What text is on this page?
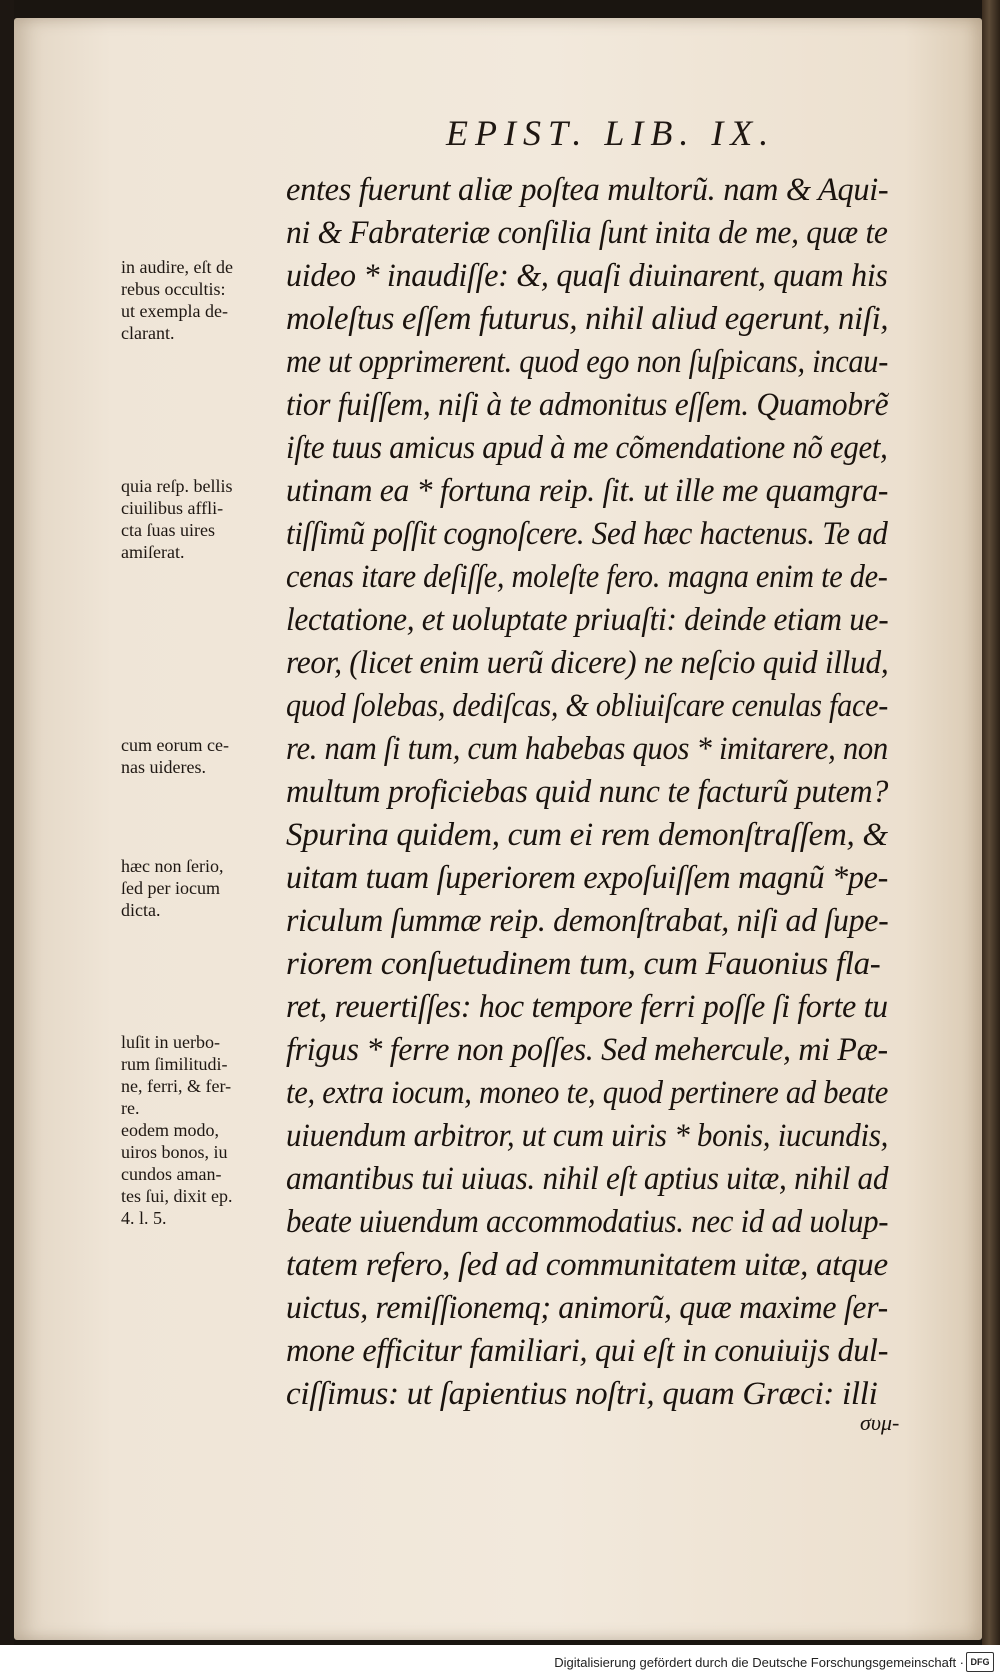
EPIST. LIB. IX.
entes fuerunt aliæ poſtea multorũ. nam & Aqui-
ni & Fabrateriæ conſilia ſunt inita de me, quæ te
uideo * inaudiſſe: &, quaſi diuinarent, quam his
moleſtus eſſem futurus, nihil aliud egerunt, niſi,
me ut opprimerent. quod ego non ſuſpicans, incau-
tior fuiſſem, niſi à te admonitus eſſem. Quamobrẽ
iſte tuus amicus apud à me cõmendatione nõ eget,
utinam ea * fortuna reip. ſit. ut ille me quamgra-
tiſſimũ poſſit cognoſcere. Sed hæc hactenus. Te ad
cenas itare deſiſſe, moleſte fero. magna enim te de-
lectatione, et uoluptate priuaſti: deinde etiam ue-
reor, (licet enim uerũ dicere) ne neſcio quid illud,
quod ſolebas, dediſcas, & obliuiſcare cenulas face-
re. nam ſi tum, cum habebas quos * imitarere, non
multum proficiebas quid nunc te facturũ putem?
Spurina quidem, cum ei rem demonſtraſſem, &
uitam tuam ſuperiorem expoſuiſſem magnũ *pe-
riculum ſummæ reip. demonſtrabat, niſi ad ſupe-
riorem conſuetudinem tum, cum Fauonius fla-
ret, reuertiſſes: hoc tempore ferri poſſe ſi forte tu
frigus * ferre non poſſes. Sed mehercule, mi Pæ-
te, extra iocum, moneo te, quod pertinere ad beate
uiuendum arbitror, ut cum uiris * bonis, iucundis,
amantibus tui uiuas. nihil eſt aptius uitæ, nihil ad
beate uiuendum accommodatius. nec id ad uolup-
tatem refero, ſed ad communitatem uitæ, atque
uictus, remiſſionemq; animorũ, quæ maxime ſer-
mone efficitur familiari, qui eſt in conuiuijs dul-
ciſſimus: ut ſapientius noſtri, quam Græci: illi
συμ-
in audire, eſt de
rebus occultis:
ut exempla de-
clarant.
quia reſp. bellis
ciuilibus affli-
cta ſuas uires
amiſerat.
cum eorum ce-
nas uideres.
hæc non ſerio,
ſed per iocum
dicta.
luſit in uerbo-
rum ſimilitudi-
ne, ferri, & fer-
re.
eodem modo,
uiros bonos, iu
cundos aman-
tes ſui, dixit ep.
4. l. 5.
Digitalisierung gefördert durch die Deutsche Forschungsgemeinschaft · DFG
